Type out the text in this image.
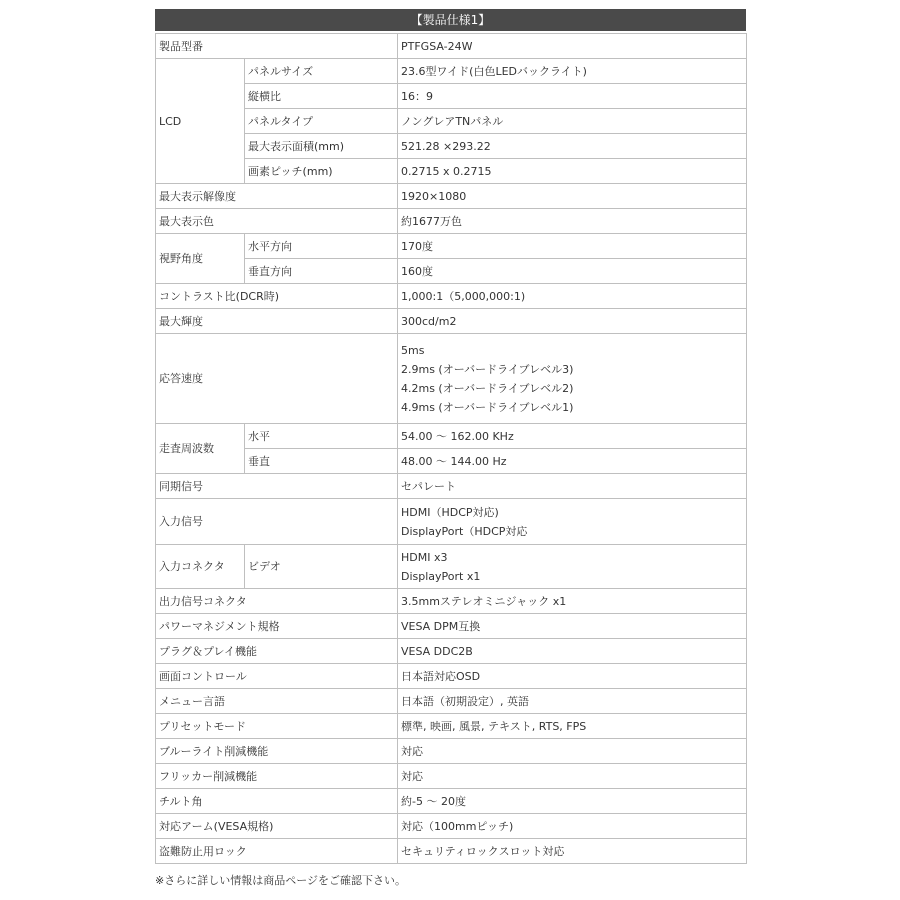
【製品仕様1】
製品型番		PTFGSA-24W
LCD	パネルサイズ	23.6型ワイド(白色LEDバックライト)
	縦横比	16：9
	パネルタイプ	ノングレアTNパネル
	最大表示面積(mm)	521.28 ×293.22
	画素ピッチ(mm)	0.2715 x 0.2715
最大表示解像度		1920×1080
最大表示色		約1677万色
視野角度	水平方向	170度
	垂直方向	160度
コントラスト比(DCR時)		1,000:1（5,000,000:1)
最大輝度		300cd/m2
応答速度		5ms
2.9ms (オーバードライブレベル3)
4.2ms (オーバードライブレベル2)
4.9ms (オーバードライブレベル1)

走査周波数	水平	54.00 ～ 162.00 KHz
	垂直	48.00 ～ 144.00 Hz
同期信号		セパレート
入力信号		HDMI（HDCP対応)
DisplayPort（HDCP対応

入力コネクタ	ビデオ	HDMI x3
DisplayPort x1

出力信号コネクタ		3.5mmステレオミニジャック x1
パワーマネジメント規格		VESA DPM互換
プラグ＆プレイ機能		VESA DDC2B
画面コントロール		日本語対応OSD
メニュー言語		日本語（初期設定）, 英語
プリセットモード		標準, 映画, 風景, テキスト, RTS, FPS
ブルーライト削減機能		対応
フリッカー削減機能		対応
チルト角		約-5 ～ 20度
対応アーム(VESA規格)		対応（100mmピッチ)
盗難防止用ロック		セキュリティロックスロット対応
※さらに詳しい情報は商品ページをご確認下さい。
